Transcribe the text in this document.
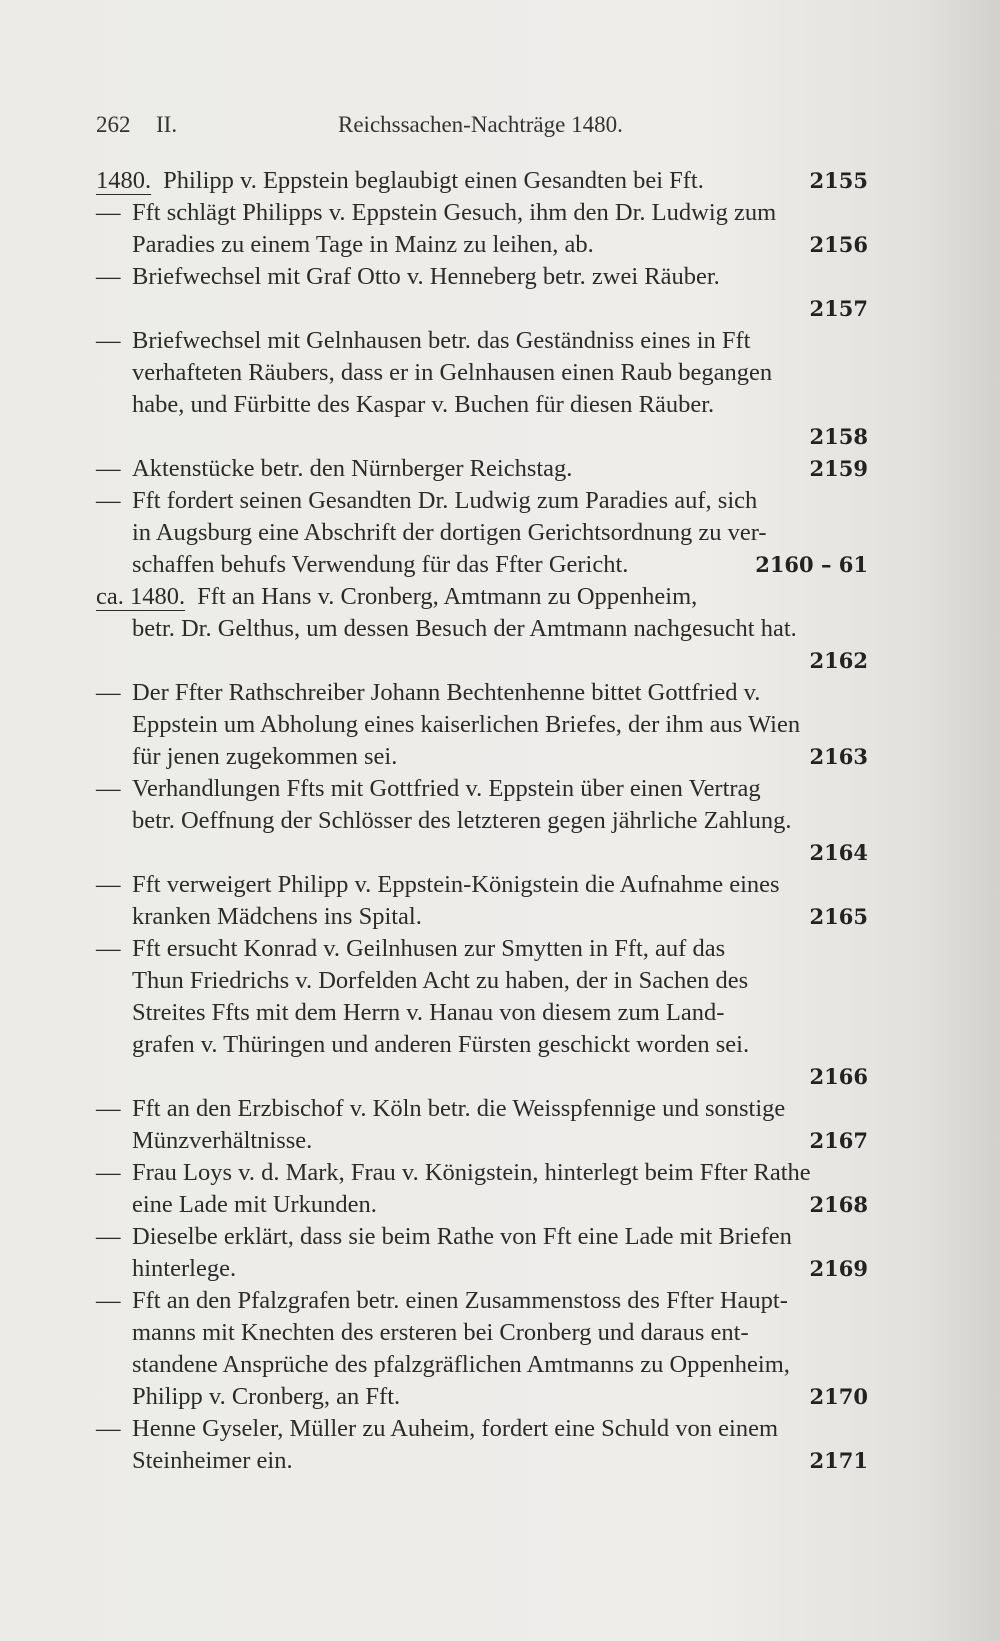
262 II.	Reichssachen-Nachträge 1480.
1480. Philipp v. Eppstein beglaubigt einen Gesandten bei Fft.	2155
— Fft schlägt Philipps v. Eppstein Gesuch, ihm den Dr. Ludwig zum
Paradies zu einem Tage in Mainz zu leihen, ab.	2156
— Briefwechsel mit Graf Otto v. Henneberg betr. zwei Räuber.
2157
— Briefwechsel mit Gelnhausen betr. das Geständniss eines in Fft
verhafteten Räubers, dass er in Gelnhausen einen Raub begangen
habe, und Fürbitte des Kaspar v. Buchen für diesen Räuber.
2158
— Aktenstücke betr. den Nürnberger Reichstag.	2159
— Fft fordert seinen Gesandten Dr. Ludwig zum Paradies auf, sich
in Augsburg eine Abschrift der dortigen Gerichtsordnung zu ver-
schaffen behufs Verwendung für das Ffter Gericht.	2160 – 61
ca. 1480. Fft an Hans v. Cronberg, Amtmann zu Oppenheim,
betr. Dr. Gelthus, um dessen Besuch der Amtmann nachgesucht hat.
2162
— Der Ffter Rathschreiber Johann Bechtenhenne bittet Gottfried v.
Eppstein um Abholung eines kaiserlichen Briefes, der ihm aus Wien
für jenen zugekommen sei.	2163
— Verhandlungen Ffts mit Gottfried v. Eppstein über einen Vertrag
betr. Oeffnung der Schlösser des letzteren gegen jährliche Zahlung.
2164
— Fft verweigert Philipp v. Eppstein-Königstein die Aufnahme eines
kranken Mädchens ins Spital.	2165
— Fft ersucht Konrad v. Geilnhusen zur Smytten in Fft, auf das
Thun Friedrichs v. Dorfelden Acht zu haben, der in Sachen des
Streites Ffts mit dem Herrn v. Hanau von diesem zum Land-
grafen v. Thüringen und anderen Fürsten geschickt worden sei.
2166
— Fft an den Erzbischof v. Köln betr. die Weisspfennige und sonstige
Münzverhältnisse.	2167
— Frau Loys v. d. Mark, Frau v. Königstein, hinterlegt beim Ffter Rathe
eine Lade mit Urkunden.	2168
— Dieselbe erklärt, dass sie beim Rathe von Fft eine Lade mit Briefen
hinterlege.	2169
— Fft an den Pfalzgrafen betr. einen Zusammenstoss des Ffter Haupt-
manns mit Knechten des ersteren bei Cronberg und daraus ent-
standene Ansprüche des pfalzgräflichen Amtmanns zu Oppenheim,
Philipp v. Cronberg, an Fft.	2170
— Henne Gyseler, Müller zu Auheim, fordert eine Schuld von einem
Steinheimer ein.	2171
